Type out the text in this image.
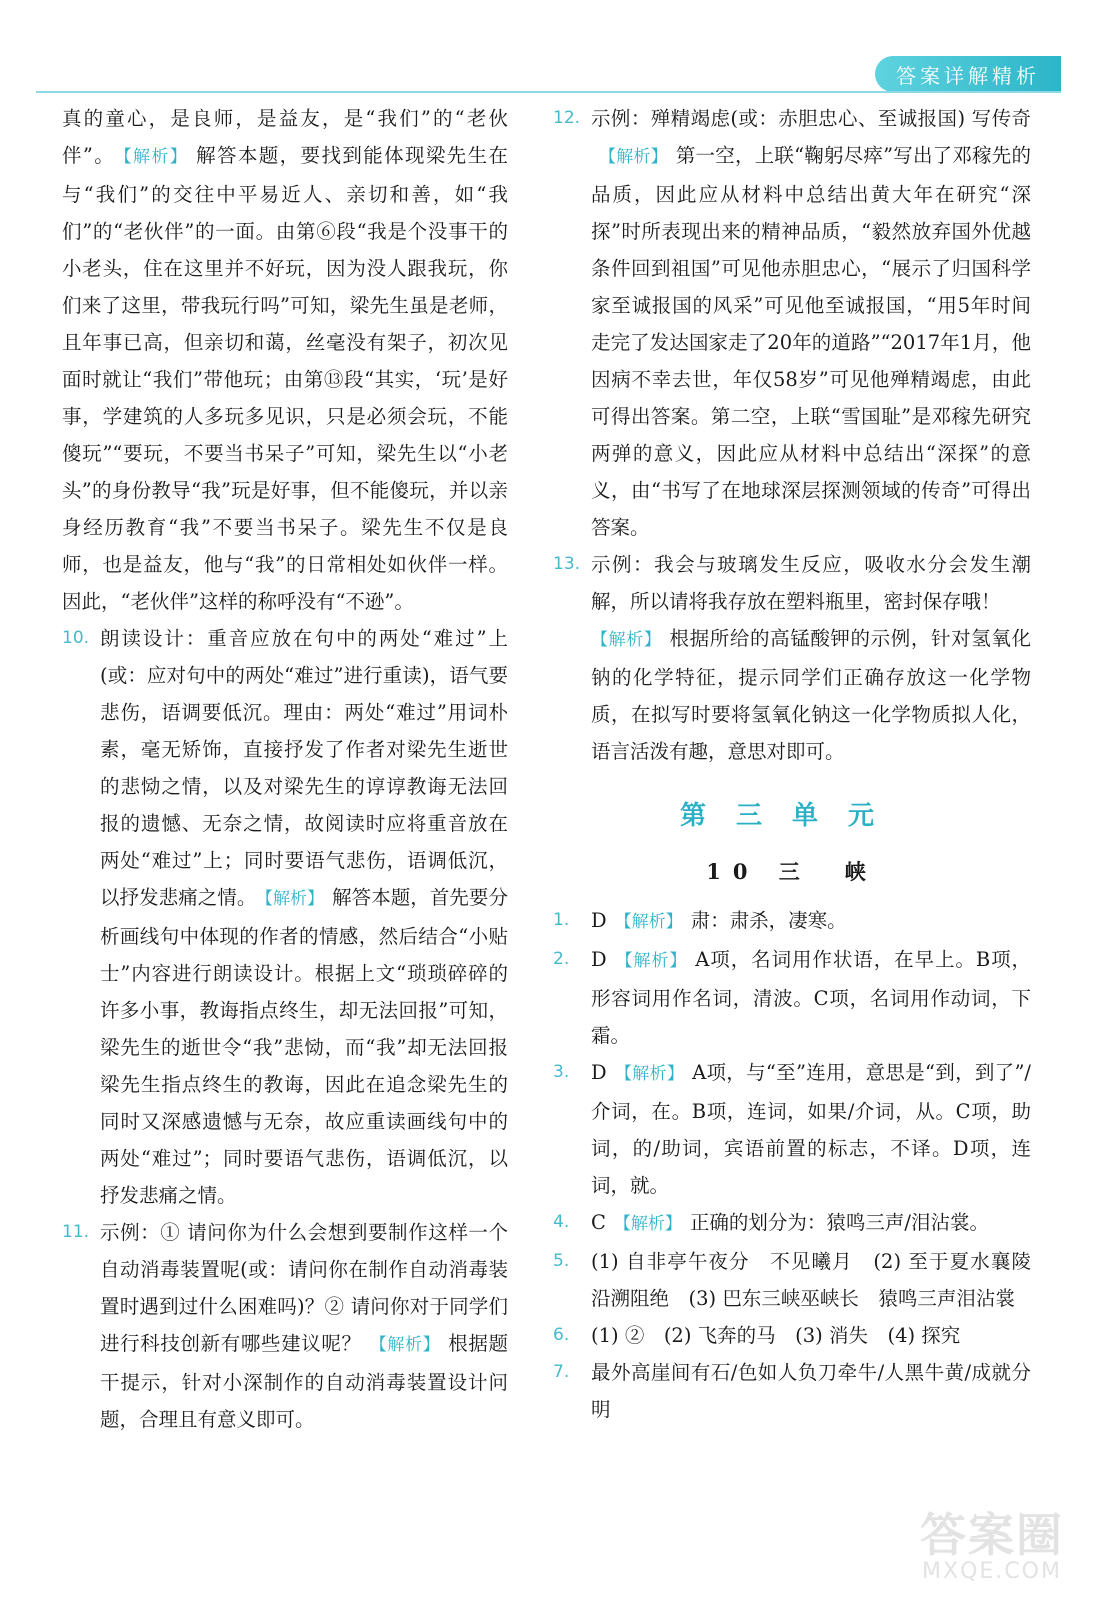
答案详解精析
真的童心，是良师，是益友，是“我们”的“老伙伴”。 【解析】 解答本题，要找到能体现梁先生在与“我们”的交往中平易近人、亲切和善，如“我们”的“老伙伴”的一面。由第⑥段“我是个没事干的小老头，住在这里并不好玩，因为没人跟我玩，你们来了这里，带我玩行吗”可知，梁先生虽是老师，且年事已高，但亲切和蔼，丝毫没有架子，初次见面时就让“我们”带他玩；由第⑬段“其实，‘玩’是好事，学建筑的人多玩多见识，只是必须会玩，不能傻玩”“要玩，不要当书呆子”可知，梁先生以“小老头”的身份教导“我”玩是好事，但不能傻玩，并以亲身经历教育“我”不要当书呆子。梁先生不仅是良师，也是益友，他与“我”的日常相处如伙伴一样。因此，“老伙伴”这样的称呼没有“不逊”。
10. 朗读设计：重音应放在句中的两处“难过”上(或：应对句中的两处“难过”进行重读)，语气要悲伤，语调要低沉。理由：两处“难过”用词朴素，毫无矫饰，直接抒发了作者对梁先生逝世的悲恸之情，以及对梁先生的谆谆教诲无法回报的遗憾、无奈之情，故阅读时应将重音放在两处“难过”上；同时要语气悲伤，语调低沉，以抒发悲痛之情。 【解析】 解答本题，首先要分析画线句中体现的作者的情感，然后结合“小贴士”内容进行朗读设计。根据上文“琐琐碎碎的许多小事，教诲指点终生，却无法回报”可知，梁先生的逝世令“我”悲恸，而“我”却无法回报梁先生指点终生的教诲，因此在追念梁先生的同时又深感遗憾与无奈，故应重读画线句中的两处“难过”；同时要语气悲伤，语调低沉，以抒发悲痛之情。
11. 示例：① 请问你为什么会想到要制作这样一个自动消毒装置呢(或：请问你在制作自动消毒装置时遇到过什么困难吗)？② 请问你对于同学们进行科技创新有哪些建议呢？ 【解析】 根据题干提示，针对小深制作的自动消毒装置设计问题，合理且有意义即可。
12. 示例：殚精竭虑(或：赤胆忠心、至诚报国) 写传奇【解析】 第一空，上联“鞠躬尽瘁”写出了邓稼先的品质，因此应从材料中总结出黄大年在研究“深探”时所表现出来的精神品质，“毅然放弃国外优越条件回到祖国”可见他赤胆忠心，“展示了归国科学家至诚报国的风采”可见他至诚报国，“用5年时间走完了发达国家走了20年的道路”“2017年1月，他因病不幸去世，年仅58岁”可见他殚精竭虑，由此可得出答案。第二空，上联“雪国耻”是邓稼先研究两弹的意义，因此应从材料中总结出“深探”的意义，由“书写了在地球深层探测领域的传奇”可得出答案。
13. 示例：我会与玻璃发生反应，吸收水分会发生潮解，所以请将我存放在塑料瓶里，密封保存哦！
【解析】 根据所给的高锰酸钾的示例，针对氢氧化钠的化学特征，提示同学们正确存放这一化学物质，在拟写时要将氢氧化钠这一化学物质拟人化，语言活泼有趣，意思对即可。
第三单元
10 三　峡
1. D 【解析】 肃：肃杀，凄寒。
2. D 【解析】 A项，名词用作状语，在早上。B项，形容词用作名词，清波。C项，名词用作动词，下霜。
3. D 【解析】 A项，与“至”连用，意思是“到，到了”/介词，在。B项，连词，如果/介词，从。C项，助词，的/助词，宾语前置的标志，不译。D项，连词，就。
4. C 【解析】 正确的划分为：猿鸣三声/泪沾裳。
5. (1) 自非亭午夜分　不见曦月　(2) 至于夏水襄陵　沿溯阻绝　(3) 巴东三峡巫峡长　猿鸣三声泪沾裳
6. (1) ②　(2) 飞奔的马　(3) 消失　(4) 探究
7. 最外高崖间有石/色如人负刀牵牛/人黑牛黄/成就分明
答案圈
MXQE.COM
